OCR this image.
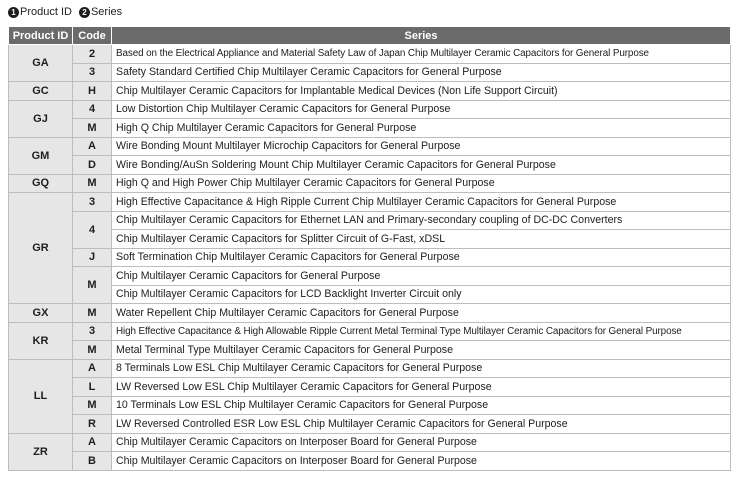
1 Product ID	2 Series
Product ID	Code	Series
GA	2	Based on the Electrical Appliance and Material Safety Law of Japan Chip Multilayer Ceramic Capacitors for General Purpose
	3	Safety Standard Certified Chip Multilayer Ceramic Capacitors for General Purpose
GC	H	Chip Multilayer Ceramic Capacitors for Implantable Medical Devices (Non Life Support Circuit)
GJ	4	Low Distortion Chip Multilayer Ceramic Capacitors for General Purpose
	M	High Q Chip Multilayer Ceramic Capacitors for General Purpose
GM	A	Wire Bonding Mount Multilayer Microchip Capacitors for General Purpose
	D	Wire Bonding/AuSn Soldering Mount Chip Multilayer Ceramic Capacitors for General Purpose
GQ	M	High Q and High Power Chip Multilayer Ceramic Capacitors for General Purpose
GR	3	High Effective Capacitance & High Ripple Current Chip Multilayer Ceramic Capacitors for General Purpose
	4	Chip Multilayer Ceramic Capacitors for Ethernet LAN and Primary-secondary coupling of DC-DC Converters
		Chip Multilayer Ceramic Capacitors for Splitter Circuit of G-Fast, xDSL
	J	Soft Termination Chip Multilayer Ceramic Capacitors for General Purpose
	M	Chip Multilayer Ceramic Capacitors for General Purpose
		Chip Multilayer Ceramic Capacitors for LCD Backlight Inverter Circuit only
GX	M	Water Repellent Chip Multilayer Ceramic Capacitors for General Purpose
KR	3	High Effective Capacitance & High Allowable Ripple Current Metal Terminal Type Multilayer Ceramic Capacitors for General Purpose
	M	Metal Terminal Type Multilayer Ceramic Capacitors for General Purpose
LL	A	8 Terminals Low ESL Chip Multilayer Ceramic Capacitors for General Purpose
	L	LW Reversed Low ESL Chip Multilayer Ceramic Capacitors for General Purpose
	M	10 Terminals Low ESL Chip Multilayer Ceramic Capacitors for General Purpose
	R	LW Reversed Controlled ESR Low ESL Chip Multilayer Ceramic Capacitors for General Purpose
ZR	A	Chip Multilayer Ceramic Capacitors on Interposer Board for General Purpose
	B	Chip Multilayer Ceramic Capacitors on Interposer Board for General Purpose
